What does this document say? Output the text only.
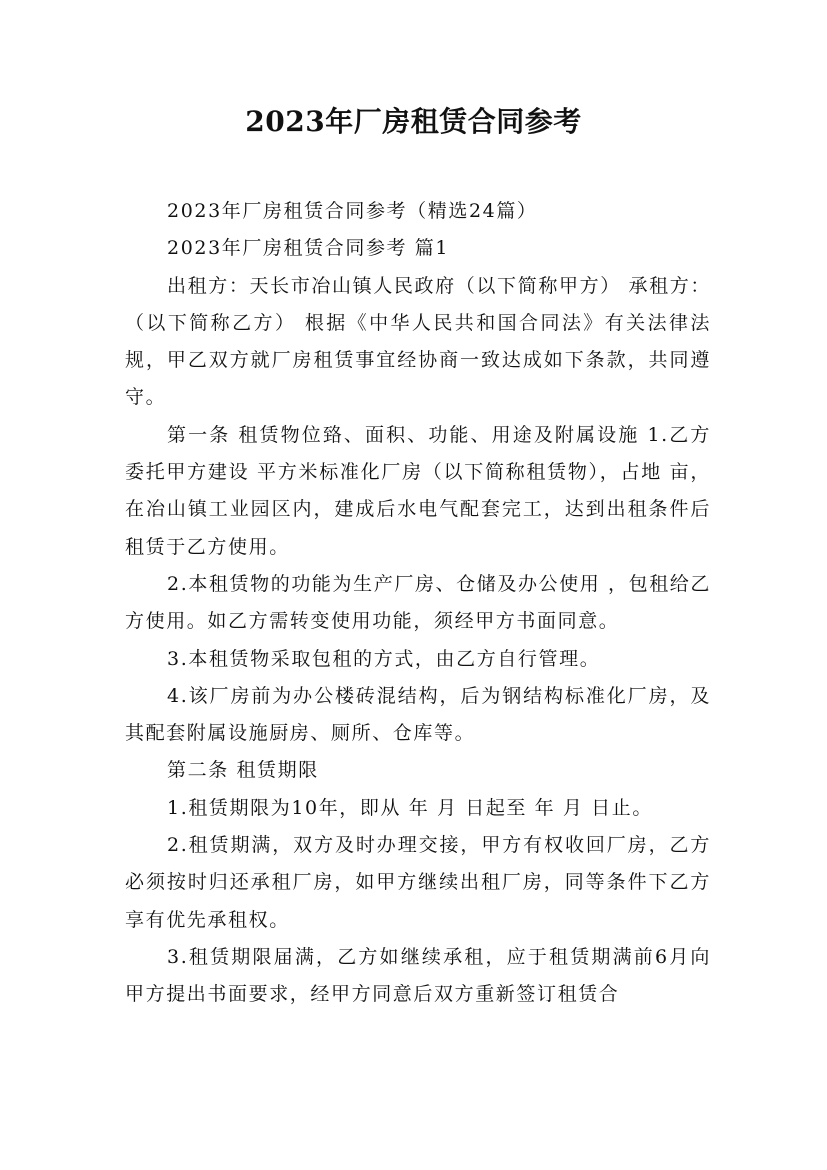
2023年厂房租赁合同参考

2023年厂房租赁合同参考（精选24篇）

2023年厂房租赁合同参考 篇1

出租方：天长市冶山镇人民政府（以下简称甲方） 承租方：（以下简称乙方） 根据《中华人民共和国合同法》有关法律法规，甲乙双方就厂房租赁事宜经协商一致达成如下条款，共同遵守。

第一条 租赁物位臵、面积、功能、用途及附属设施 1.乙方委托甲方建设 平方米标准化厂房（以下简称租赁物），占地 亩，在冶山镇工业园区内，建成后水电气配套完工，达到出租条件后租赁于乙方使用。

2.本租赁物的功能为生产厂房、仓储及办公使用 ，包租给乙方使用。如乙方需转变使用功能，须经甲方书面同意。

3.本租赁物采取包租的方式，由乙方自行管理。

4.该厂房前为办公楼砖混结构，后为钢结构标准化厂房，及其配套附属设施厨房、厕所、仓库等。

第二条 租赁期限

1.租赁期限为10年，即从 年 月 日起至 年 月 日止。

2.租赁期满，双方及时办理交接，甲方有权收回厂房，乙方必须按时归还承租厂房，如甲方继续出租厂房，同等条件下乙方享有优先承租权。

3.租赁期限届满，乙方如继续承租，应于租赁期满前6月向甲方提出书面要求，经甲方同意后双方重新签订租赁合
